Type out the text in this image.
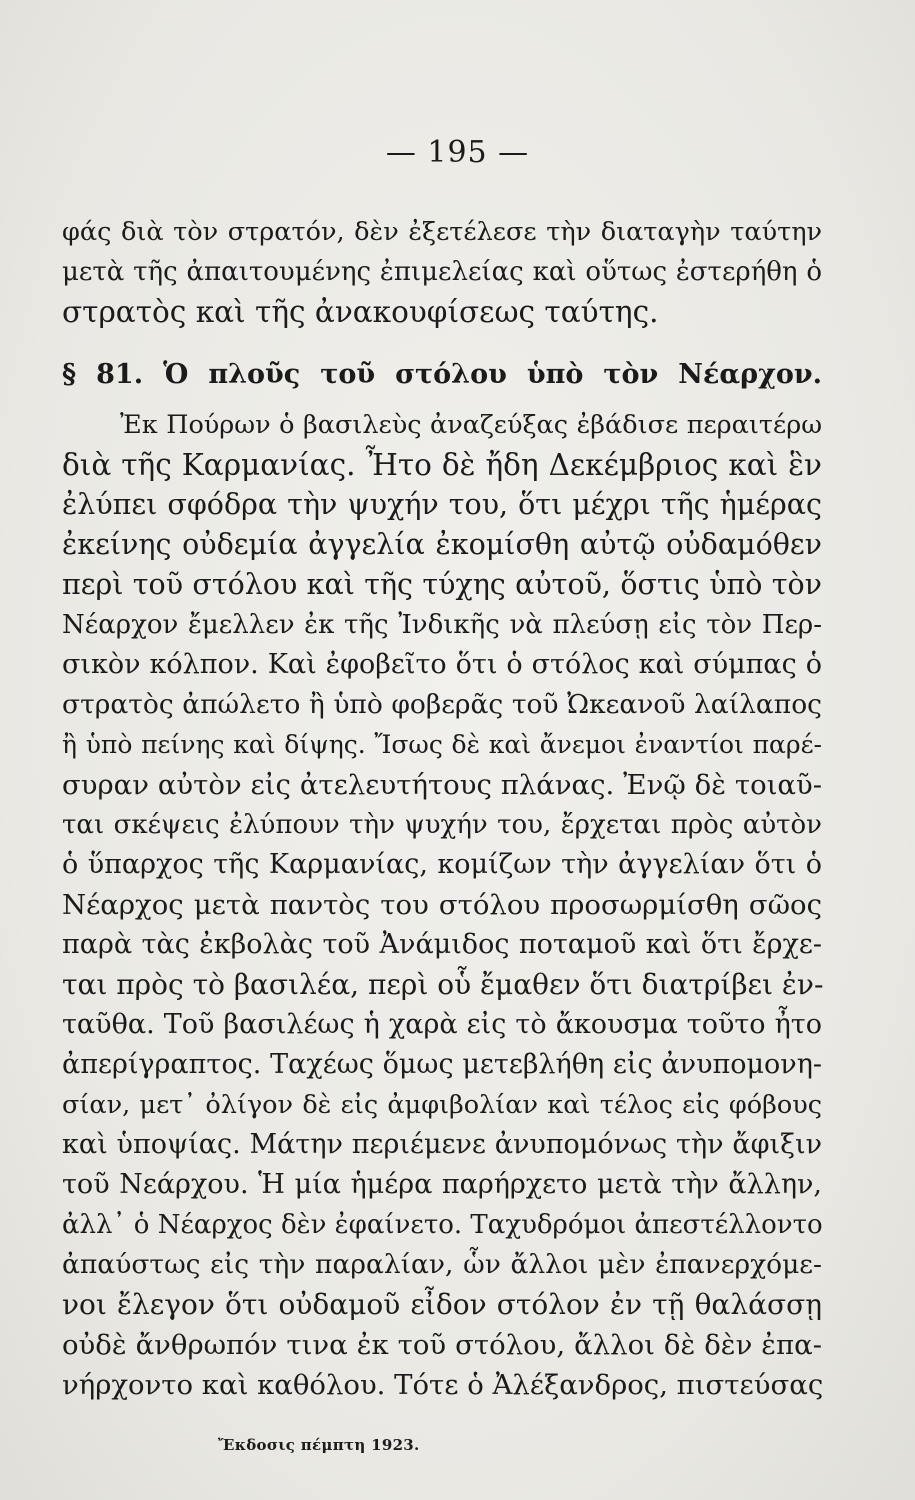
— 195 —
φάς διὰ τὸν στρατόν, δὲν ἐξετέλεσε τὴν διαταγὴν ταύτην
μετὰ τῆς ἀπαιτουμένης ἐπιμελείας καὶ οὕτως ἐστερήθη ὁ
στρατὸς καὶ τῆς ἀνακουφίσεως ταύτης.
§ 81. Ὁ πλοῦς τοῦ στόλου ὑπὸ τὸν Νέαρχον.
Ἐκ Πούρων ὁ βασιλεὺς ἀναζεύξας ἐβάδισε περαιτέρω
διὰ τῆς Καρμανίας. Ἦτο δὲ ἤδη Δεκέμβριος καὶ ἓν
ἐλύπει σφόδρα τὴν ψυχήν του, ὅτι μέχρι τῆς ἡμέρας
ἐκείνης οὐδεμία ἀγγελία ἐκομίσθη αὐτῷ οὐδαμόθεν
περὶ τοῦ στόλου καὶ τῆς τύχης αὐτοῦ, ὅστις ὑπὸ τὸν
Νέαρχον ἔμελλεν ἐκ τῆς Ἰνδικῆς νὰ πλεύσῃ εἰς τὸν Περ-
σικὸν κόλπον. Καὶ ἐφοβεῖτο ὅτι ὁ στόλος καὶ σύμπας ὁ
στρατὸς ἀπώλετο ἢ ὑπὸ φοβερᾶς τοῦ Ὠκεανοῦ λαίλαπος
ἢ ὑπὸ πείνης καὶ δίψης. Ἴσως δὲ καὶ ἄνεμοι ἐναντίοι παρέ-
συραν αὐτὸν εἰς ἀτελευτήτους πλάνας. Ἐνῷ δὲ τοιαῦ-
ται σκέψεις ἐλύπουν τὴν ψυχήν του, ἔρχεται πρὸς αὐτὸν
ὁ ὕπαρχος τῆς Καρμανίας, κομίζων τὴν ἀγγελίαν ὅτι ὁ
Νέαρχος μετὰ παντὸς του στόλου προσωρμίσθη σῶος
παρὰ τὰς ἐκβολὰς τοῦ Ἀνάμιδος ποταμοῦ καὶ ὅτι ἔρχε-
ται πρὸς τὸ βασιλέα, περὶ οὗ ἔμαθεν ὅτι διατρίβει ἐν-
ταῦθα. Τοῦ βασιλέως ἡ χαρὰ εἰς τὸ ἄκουσμα τοῦτο ἦτο
ἀπερίγραπτος. Ταχέως ὅμως μετεβλήθη εἰς ἀνυπομονη-
σίαν, μετ᾽ ὀλίγον δὲ εἰς ἀμφιβολίαν καὶ τέλος εἰς φόβους
καὶ ὑποψίας. Μάτην περιέμενε ἀνυπομόνως τὴν ἄφιξιν
τοῦ Νεάρχου. Ἡ μία ἡμέρα παρήρχετο μετὰ τὴν ἄλλην,
ἀλλ᾽ ὁ Νέαρχος δὲν ἐφαίνετο. Ταχυδρόμοι ἀπεστέλλοντο
ἀπαύστως εἰς τὴν παραλίαν, ὧν ἄλλοι μὲν ἐπανερχόμε-
νοι ἔλεγον ὅτι οὐδαμοῦ εἶδον στόλον ἐν τῇ θαλάσσῃ
οὐδὲ ἄνθρωπόν τινα ἐκ τοῦ στόλου, ἄλλοι δὲ δὲν ἐπα-
νήρχοντο καὶ καθόλου. Τότε ὁ Ἀλέξανδρος, πιστεύσας
Ἔκδοσις πέμπτη 1923.
